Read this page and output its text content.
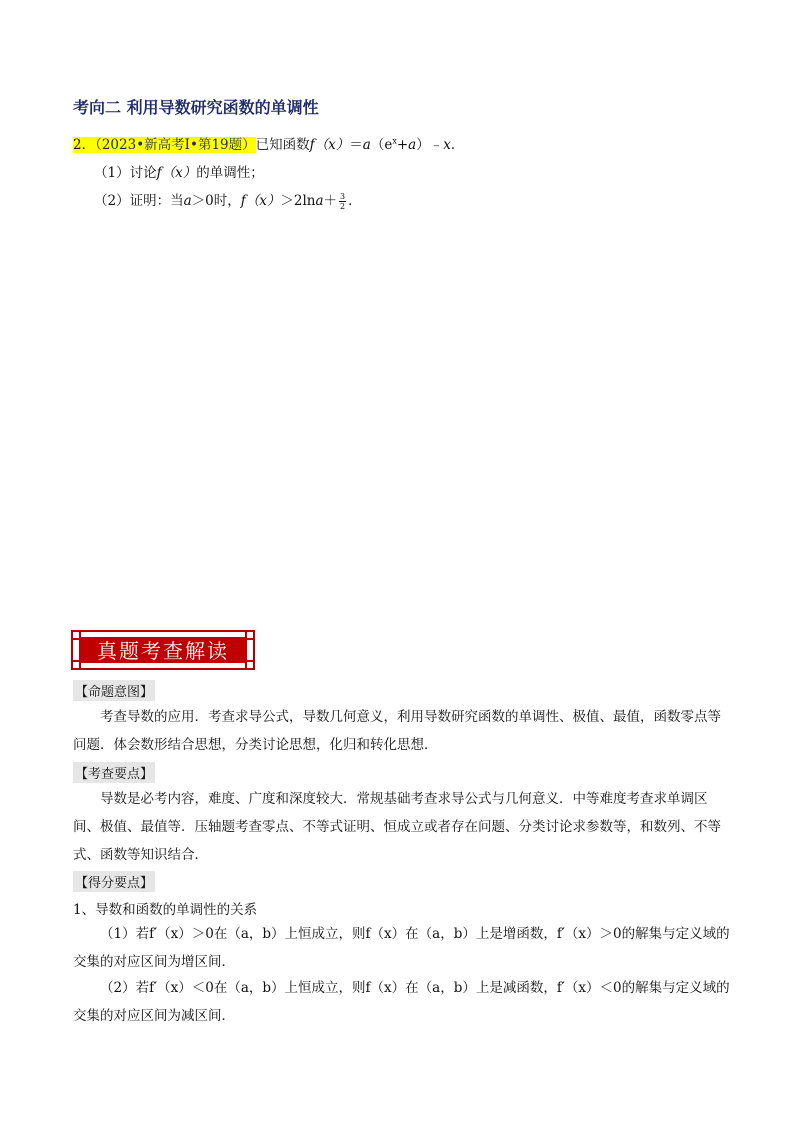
考向二 利用导数研究函数的单调性
2．（2023•新高考Ⅰ•第19题）已知函数$f(x)=a(e^x+a)﹣x$．
（1）讨论f（x）的单调性；
（2）证明：当a＞0时，$f(x)>2\ln a+ \frac{3}{2}$ ．
真题考查解读
【命题意图】
考查导数的应用．考查求导公式，导数几何意义，利用导数研究函数的单调性、极值、最值，函数零点等问题．体会数形结合思想，分类讨论思想，化归和转化思想．
【考查要点】
导数是必考内容，难度、广度和深度较大．常规基础考查求导公式与几何意义．中等难度考查求单调区间、极值、最值等．压轴题考查零点、不等式证明、恒成立或者存在问题、分类讨论求参数等，和数列、不等式、函数等知识结合．
【得分要点】
1、导数和函数的单调性的关系
（1）若f′（x）＞0在（a，b）上恒成立，则f（x）在（a，b）上是增函数，f′（x）＞0的解集与定义域的交集的对应区间为增区间．
（2）若f′（x）＜0在（a，b）上恒成立，则f（x）在（a，b）上是减函数，f′（x）＜0的解集与定义域的交集的对应区间为减区间．
